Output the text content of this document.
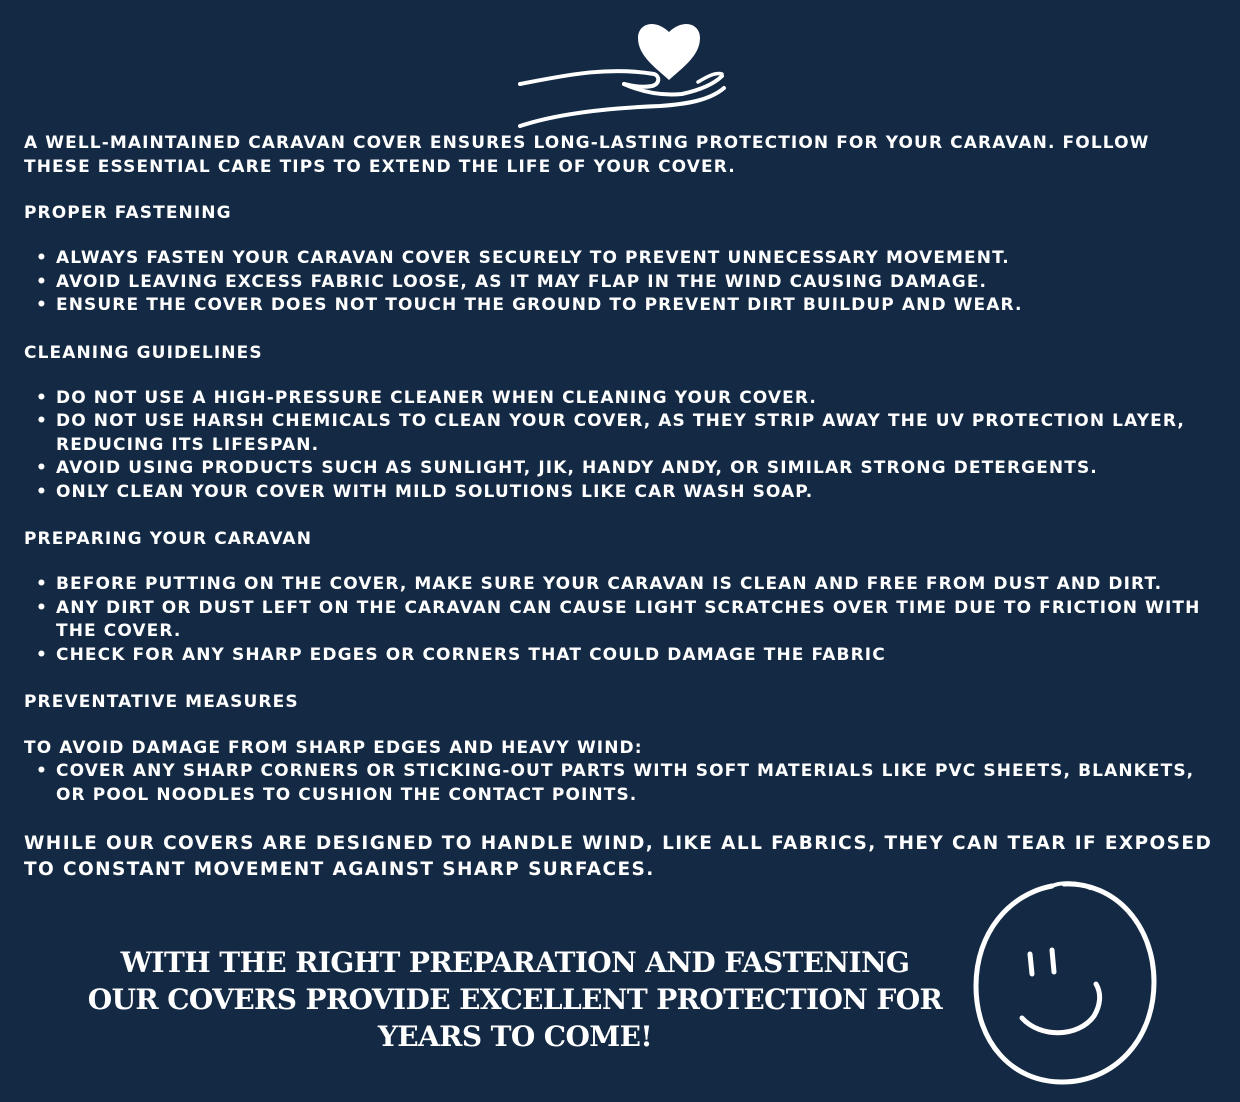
A WELL-MAINTAINED CARAVAN COVER ENSURES LONG-LASTING PROTECTION FOR YOUR CARAVAN. FOLLOW THESE ESSENTIAL CARE TIPS TO EXTEND THE LIFE OF YOUR COVER.

PROPER FASTENING
• ALWAYS FASTEN YOUR CARAVAN COVER SECURELY TO PREVENT UNNECESSARY MOVEMENT.
• AVOID LEAVING EXCESS FABRIC LOOSE, AS IT MAY FLAP IN THE WIND CAUSING DAMAGE.
• ENSURE THE COVER DOES NOT TOUCH THE GROUND TO PREVENT DIRT BUILDUP AND WEAR.
CLEANING GUIDELINES
• DO NOT USE A HIGH-PRESSURE CLEANER WHEN CLEANING YOUR COVER.
• DO NOT USE HARSH CHEMICALS TO CLEAN YOUR COVER, AS THEY STRIP AWAY THE UV PROTECTION LAYER, REDUCING ITS LIFESPAN.
• AVOID USING PRODUCTS SUCH AS SUNLIGHT, JIK, HANDY ANDY, OR SIMILAR STRONG DETERGENTS.
• ONLY CLEAN YOUR COVER WITH MILD SOLUTIONS LIKE CAR WASH SOAP.
PREPARING YOUR CARAVAN
• BEFORE PUTTING ON THE COVER, MAKE SURE YOUR CARAVAN IS CLEAN AND FREE FROM DUST AND DIRT.
• ANY DIRT OR DUST LEFT ON THE CARAVAN CAN CAUSE LIGHT SCRATCHES OVER TIME DUE TO FRICTION WITH THE COVER.
• CHECK FOR ANY SHARP EDGES OR CORNERS THAT COULD DAMAGE THE FABRIC
PREVENTATIVE MEASURES

TO AVOID DAMAGE FROM SHARP EDGES AND HEAVY WIND:

• COVER ANY SHARP CORNERS OR STICKING-OUT PARTS WITH SOFT MATERIALS LIKE PVC SHEETS, BLANKETS, OR POOL NOODLES TO CUSHION THE CONTACT POINTS.

WHILE OUR COVERS ARE DESIGNED TO HANDLE WIND, LIKE ALL FABRICS, THEY CAN TEAR IF EXPOSED TO CONSTANT MOVEMENT AGAINST SHARP SURFACES.

WITH THE RIGHT PREPARATION AND FASTENING
OUR COVERS PROVIDE EXCELLENT PROTECTION FOR
YEARS TO COME!
